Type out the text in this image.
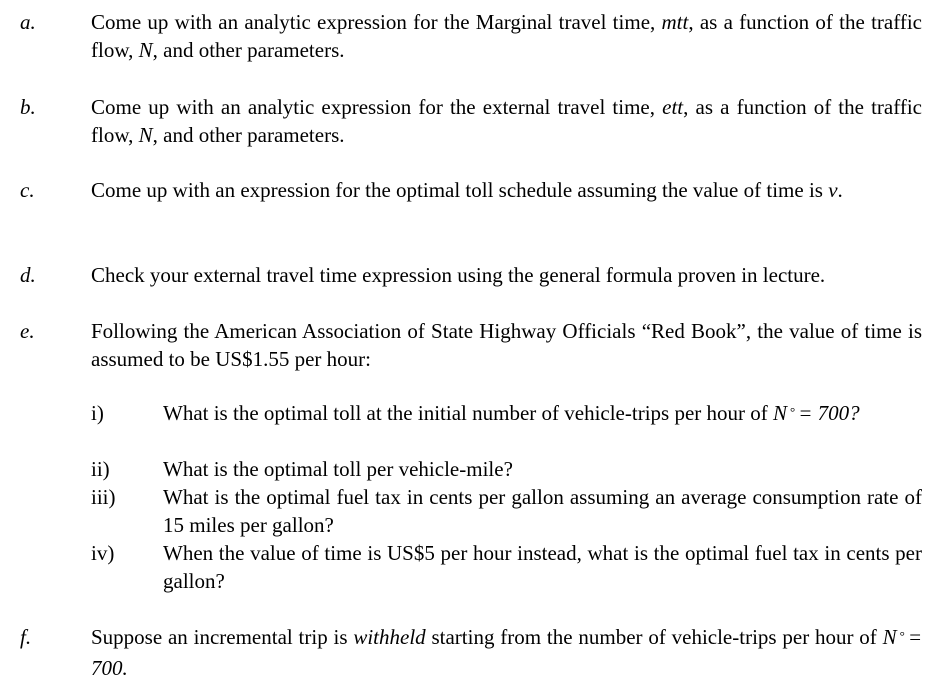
a.	Come up with an analytic expression for the Marginal travel time, mtt, as a function of the traffic flow, N, and other parameters.
b.	Come up with an analytic expression for the external travel time, ett, as a function of the traffic flow, N, and other parameters.
c.	Come up with an expression for the optimal toll schedule assuming the value of time is v.
d.	Check your external travel time expression using the general formula proven in lecture.
e.	Following the American Association of State Highway Officials “Red Book”, the value of time is assumed to be US$1.55 per hour:
i)	What is the optimal toll at the initial number of vehicle-trips per hour of N ° = 700?
ii)	What is the optimal toll per vehicle-mile?
iii) What is the optimal fuel tax in cents per gallon assuming an average consumption rate of 15 miles per gallon?
iv) When the value of time is US$5 per hour instead, what is the optimal fuel tax in cents per gallon?
f.	Suppose an incremental trip is withheld starting from the number of vehicle-trips per hour of N ° = 700.
